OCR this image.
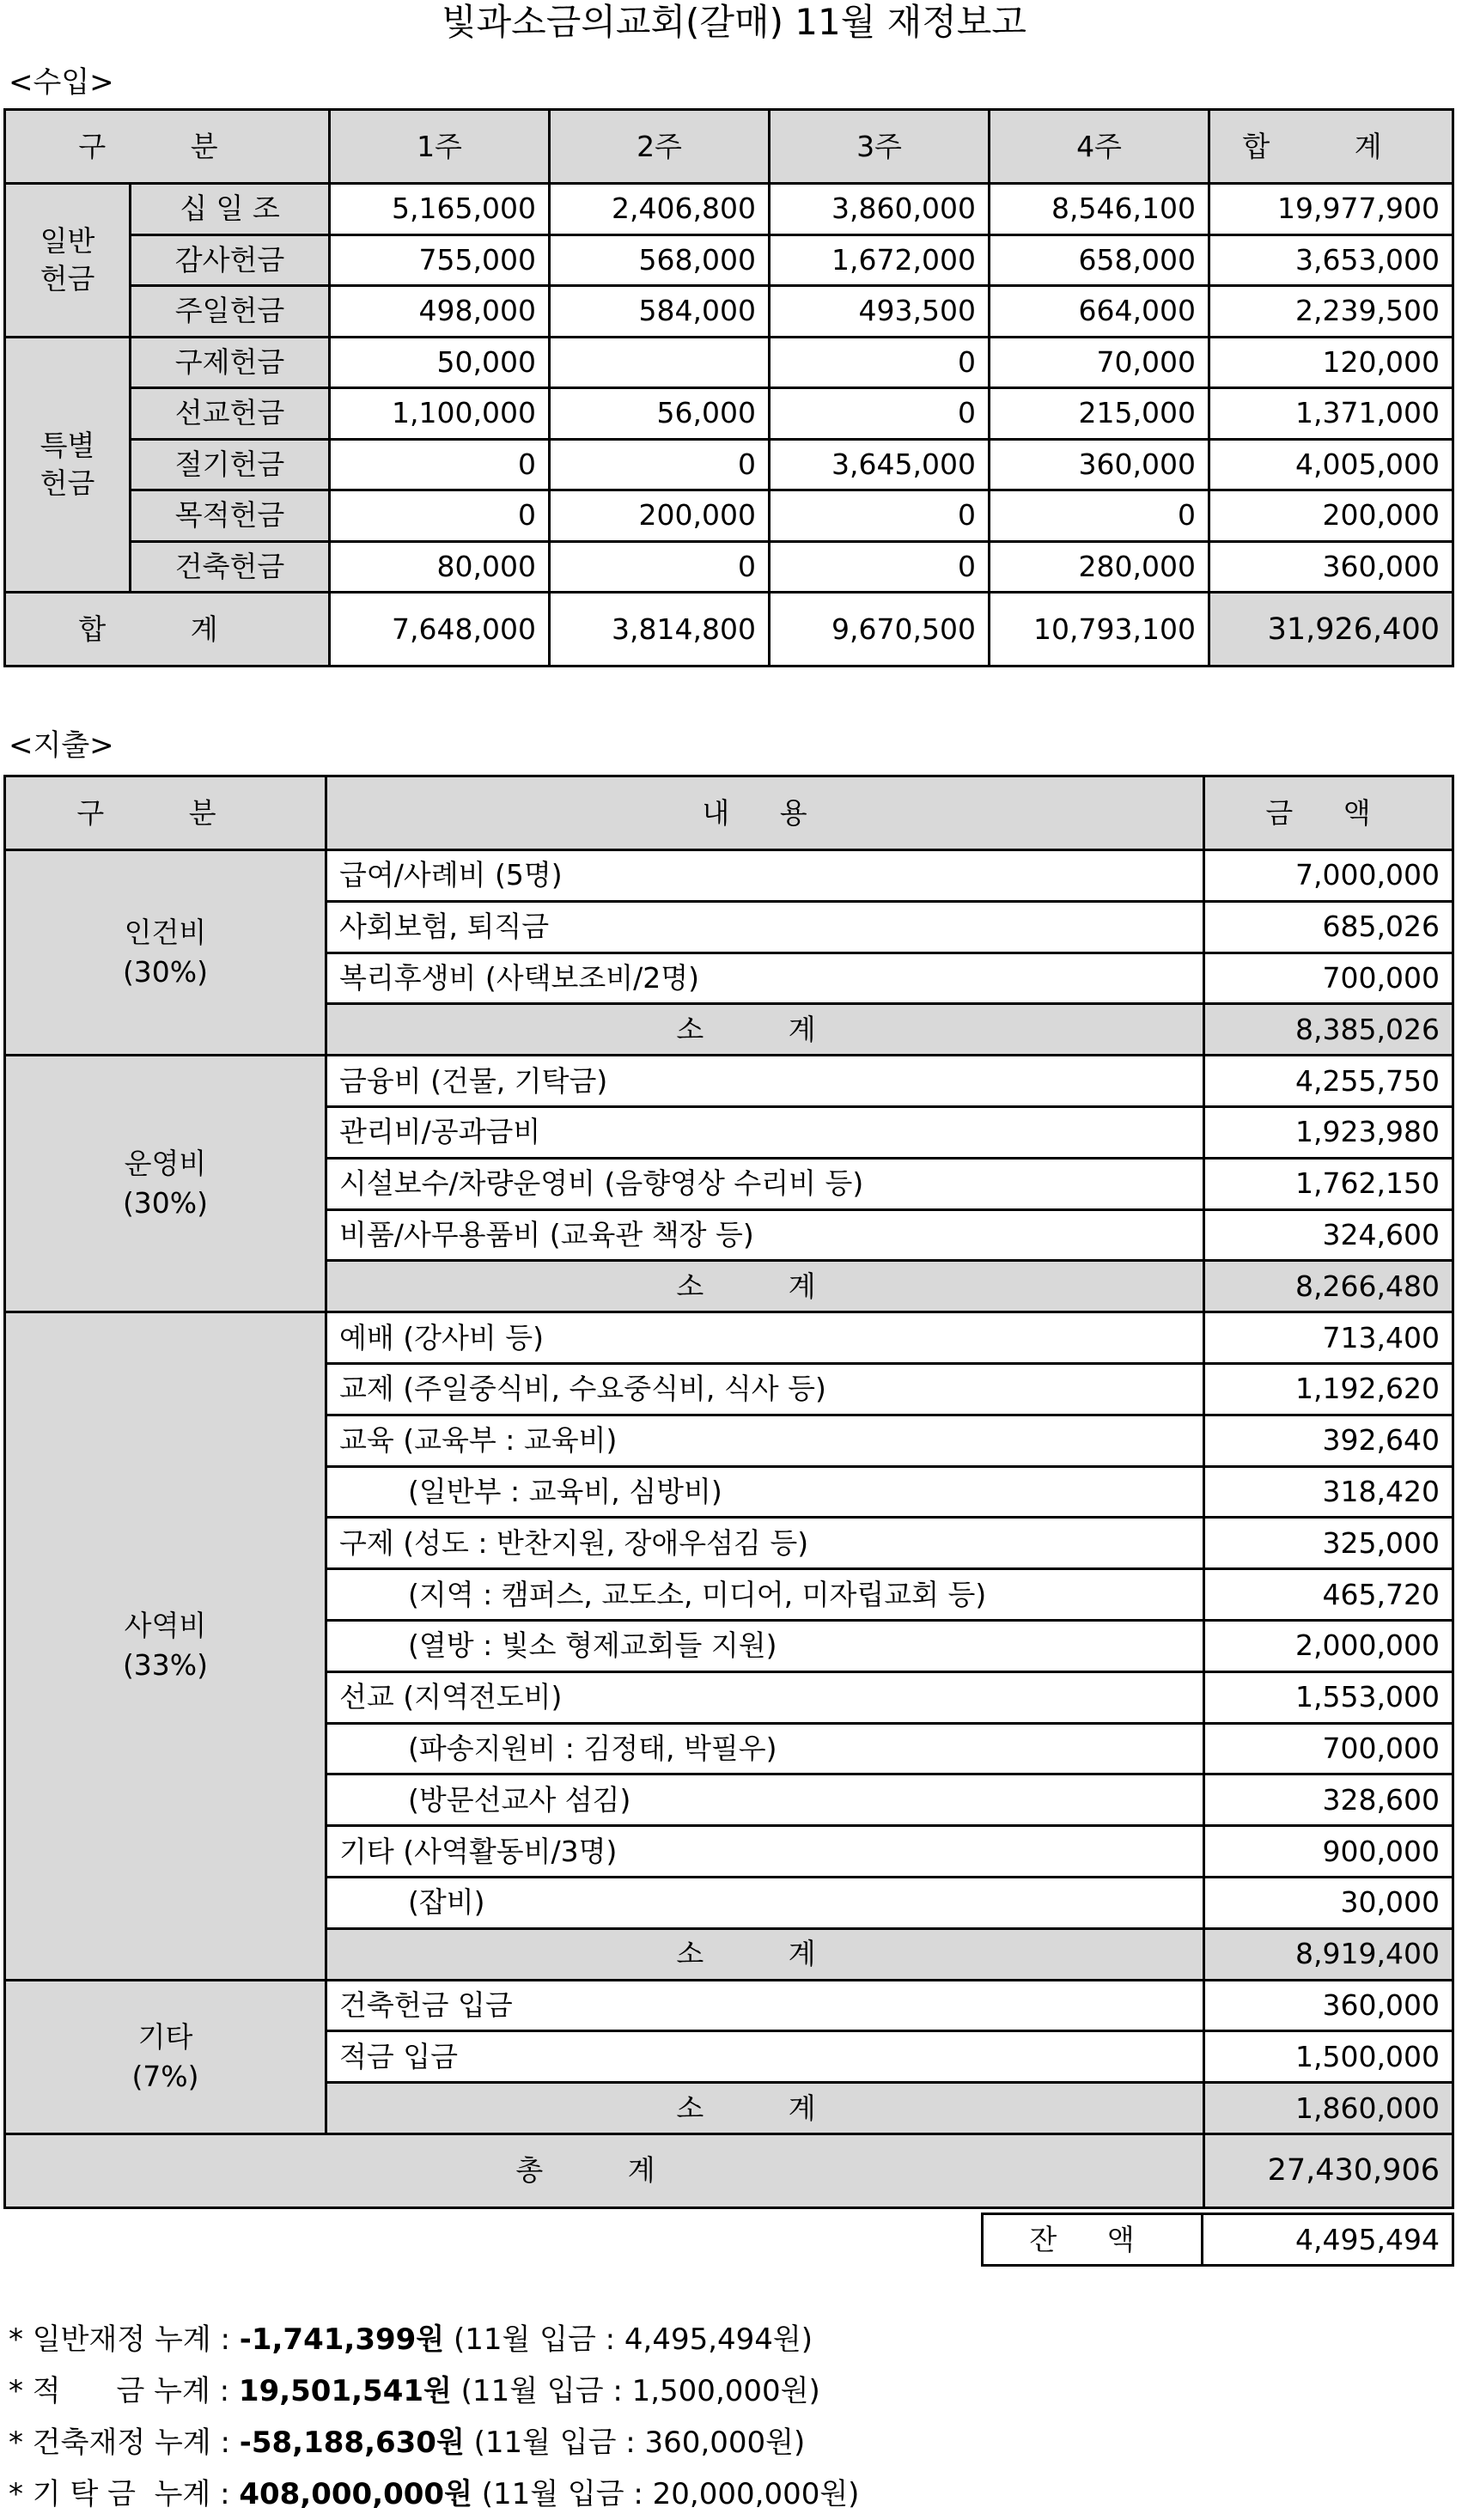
빛과소금의교회(갈매) 11월 재정보고
<수입>
구 분		1주	2주	3주	4주	합 계
일반
헌금	십 일 조	5,165,000	2,406,800	3,860,000	8,546,100	19,977,900
	감사헌금	755,000	568,000	1,672,000	658,000	3,653,000
	주일헌금	498,000	584,000	493,500	664,000	2,239,500
특별
헌금	구제헌금	50,000		0	70,000	120,000
	선교헌금	1,100,000	56,000	0	215,000	1,371,000
	절기헌금	0	0	3,645,000	360,000	4,005,000
	목적헌금	0	200,000	0	0	200,000
	건축헌금	80,000	0	0	280,000	360,000
합 계		7,648,000	3,814,800	9,670,500	10,793,100	31,926,400
<지출>
구 분	내 용	금 액

인건비
(30%)	급여/사례비 (5명)	7,000,000
	사회보험, 퇴직금	685,026
	복리후생비 (사택보조비/2명)	700,000
	소 계	8,385,026

운영비
(30%)	금융비 (건물, 기탁금)	4,255,750
	관리비/공과금비	1,923,980
	시설보수/차량운영비 (음향영상 수리비 등)	1,762,150
	비품/사무용품비 (교육관 책장 등)	324,600
	소 계	8,266,480

사역비
(33%)	예배 (강사비 등)	713,400
	교제 (주일중식비, 수요중식비, 식사 등)	1,192,620
	교육 (교육부 : 교육비)	392,640
	(일반부 : 교육비, 심방비)	318,420
	구제 (성도 : 반찬지원, 장애우섬김 등)	325,000
	(지역 : 캠퍼스, 교도소, 미디어, 미자립교회 등)	465,720
	(열방 : 빛소 형제교회들 지원)	2,000,000
	선교 (지역전도비)	1,553,000
	(파송지원비 : 김정태, 박필우)	700,000
	(방문선교사 섬김)	328,600
	기타 (사역활동비/3명)	900,000
	(잡비)	30,000
	소 계	8,919,400

기타
(7%)	건축헌금 입금	360,000
	적금 입금	1,500,000
	소 계	1,860,000
총 계		27,430,906
잔 액	4,495,494
* 일반재정 누계 : -1,741,399원 (11월 입금 : 4,495,494원)
* 적      금 누계 : 19,501,541원 (11월 입금 : 1,500,000원)
* 건축재정 누계 : -58,188,630원 (11월 입금 : 360,000원)
* 기 탁 금  누계 : 408,000,000원 (11월 입금 : 20,000,000원)
